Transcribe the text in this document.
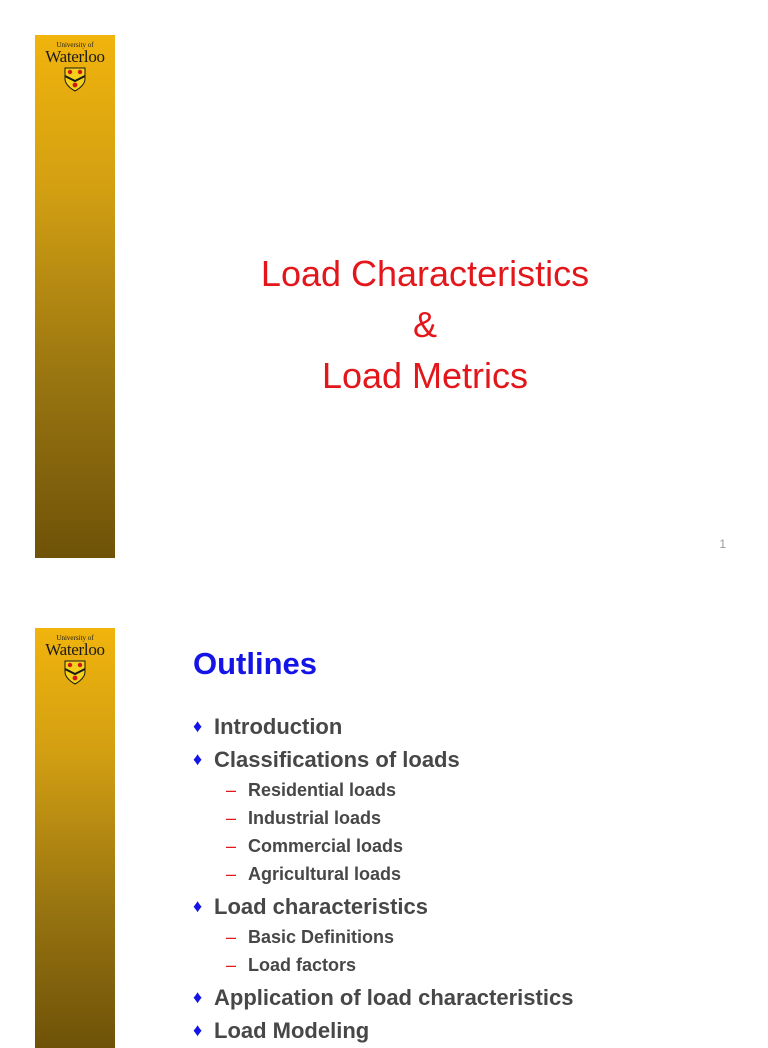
University of
Waterloo
Load Characteristics
&
Load Metrics
1
University of
Waterloo	Outlines
♦ Introduction
♦ Classifications of loads
– Residential loads
– Industrial loads
– Commercial loads
– Agricultural loads
♦ Load characteristics
– Basic Definitions
– Load factors
♦ Application of load characteristics
♦ Load Modeling
